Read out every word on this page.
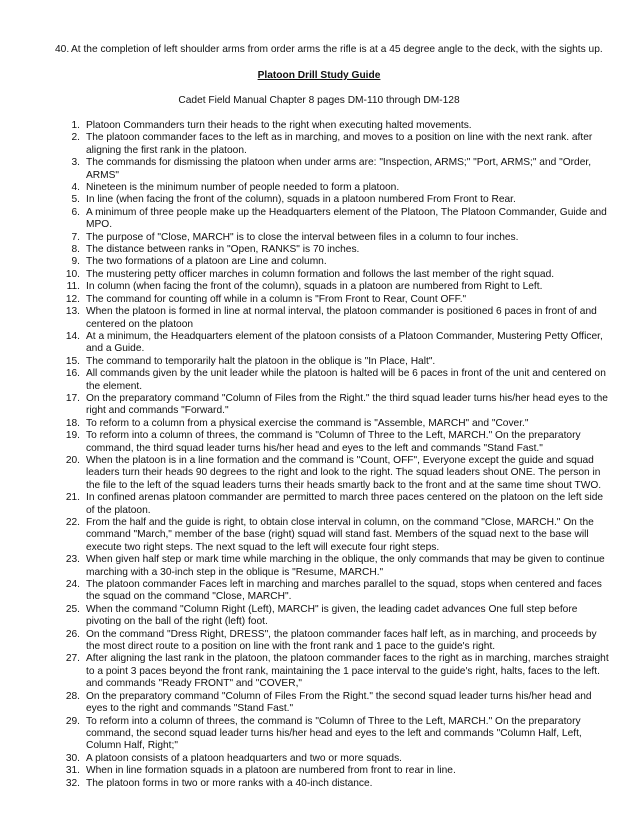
40. At the completion of left shoulder arms from order arms the rifle is at a 45 degree angle to the deck, with the sights up.
Platoon Drill Study Guide
Cadet Field Manual Chapter 8 pages DM-110 through DM-128
1. Platoon Commanders turn their heads to the right when executing halted movements.
2. The platoon commander faces to the left as in marching, and moves to a position on line with the next rank. after aligning the first rank in the platoon.
3. The commands for dismissing the platoon when under arms are: "Inspection, ARMS;" "Port, ARMS;" and "Order, ARMS"
4. Nineteen is the minimum number of people needed to form a platoon.
5. In line (when facing the front of the column), squads in a platoon numbered From Front to Rear.
6. A minimum of three people make up the Headquarters element of the Platoon, The Platoon Commander, Guide and MPO.
7. The purpose of "Close, MARCH" is to close the interval between files in a column to four inches.
8. The distance between ranks in "Open, RANKS" is 70 inches.
9. The two formations of a platoon are Line and column.
10. The mustering petty officer marches in column formation and follows the last member of the right squad.
11. In column (when facing the front of the column), squads in a platoon are numbered from Right to Left.
12. The command for counting off while in a column is "From Front to Rear, Count OFF."
13. When the platoon is formed in line at normal interval, the platoon commander is positioned 6 paces in front of and centered on the platoon
14. At a minimum, the Headquarters element of the platoon consists of a Platoon Commander, Mustering Petty Officer, and a Guide.
15. The command to temporarily halt the platoon in the oblique is "In Place, Halt".
16. All commands given by the unit leader while the platoon is halted will be 6 paces in front of the unit and centered on the element.
17. On the preparatory command "Column of Files from the Right." the third squad leader turns his/her head eyes to the right and commands "Forward."
18. To reform to a column from a physical exercise the command is "Assemble, MARCH" and "Cover."
19. To reform into a column of threes, the command is "Column of Three to the Left, MARCH." On the preparatory command, the third squad leader turns his/her head and eyes to the left and commands "Stand Fast."
20. When the platoon is in a line formation and the command is "Count, OFF", Everyone except the guide and squad leaders turn their heads 90 degrees to the right and look to the right. The squad leaders shout ONE. The person in the file to the left of the squad leaders turns their heads smartly back to the front and at the same time shout TWO.
21. In confined arenas platoon commander are permitted to march three paces centered on the platoon on the left side of the platoon.
22. From the half and the guide is right, to obtain close interval in column, on the command "Close, MARCH." On the command "March," member of the base (right) squad will stand fast. Members of the squad next to the base will execute two right steps. The next squad to the left will execute four right steps.
23. When given half step or mark time while marching in the oblique, the only commands that may be given to continue marching with a 30-inch step in the oblique is "Resume, MARCH."
24. The platoon commander Faces left in marching and marches parallel to the squad, stops when centered and faces the squad on the command "Close, MARCH".
25. When the command "Column Right (Left), MARCH" is given, the leading cadet advances One full step before pivoting on the ball of the right (left) foot.
26. On the command "Dress Right, DRESS", the platoon commander faces half left, as in marching, and proceeds by the most direct route to a position on line with the front rank and 1 pace to the guide's right.
27. After aligning the last rank in the platoon, the platoon commander faces to the right as in marching, marches straight to a point 3 paces beyond the front rank, maintaining the 1 pace interval to the guide's right, halts, faces to the left. and commands "Ready FRONT" and "COVER,"
28. On the preparatory command "Column of Files From the Right." the second squad leader turns his/her head and eyes to the right and commands "Stand Fast."
29. To reform into a column of threes, the command is "Column of Three to the Left, MARCH." On the preparatory command, the second squad leader turns his/her head and eyes to the left and commands "Column Half, Left, Column Half, Right;"
30. A platoon consists of a platoon headquarters and two or more squads.
31. When in line formation squads in a platoon are numbered from front to rear in line.
32. The platoon forms in two or more ranks with a 40-inch distance.
